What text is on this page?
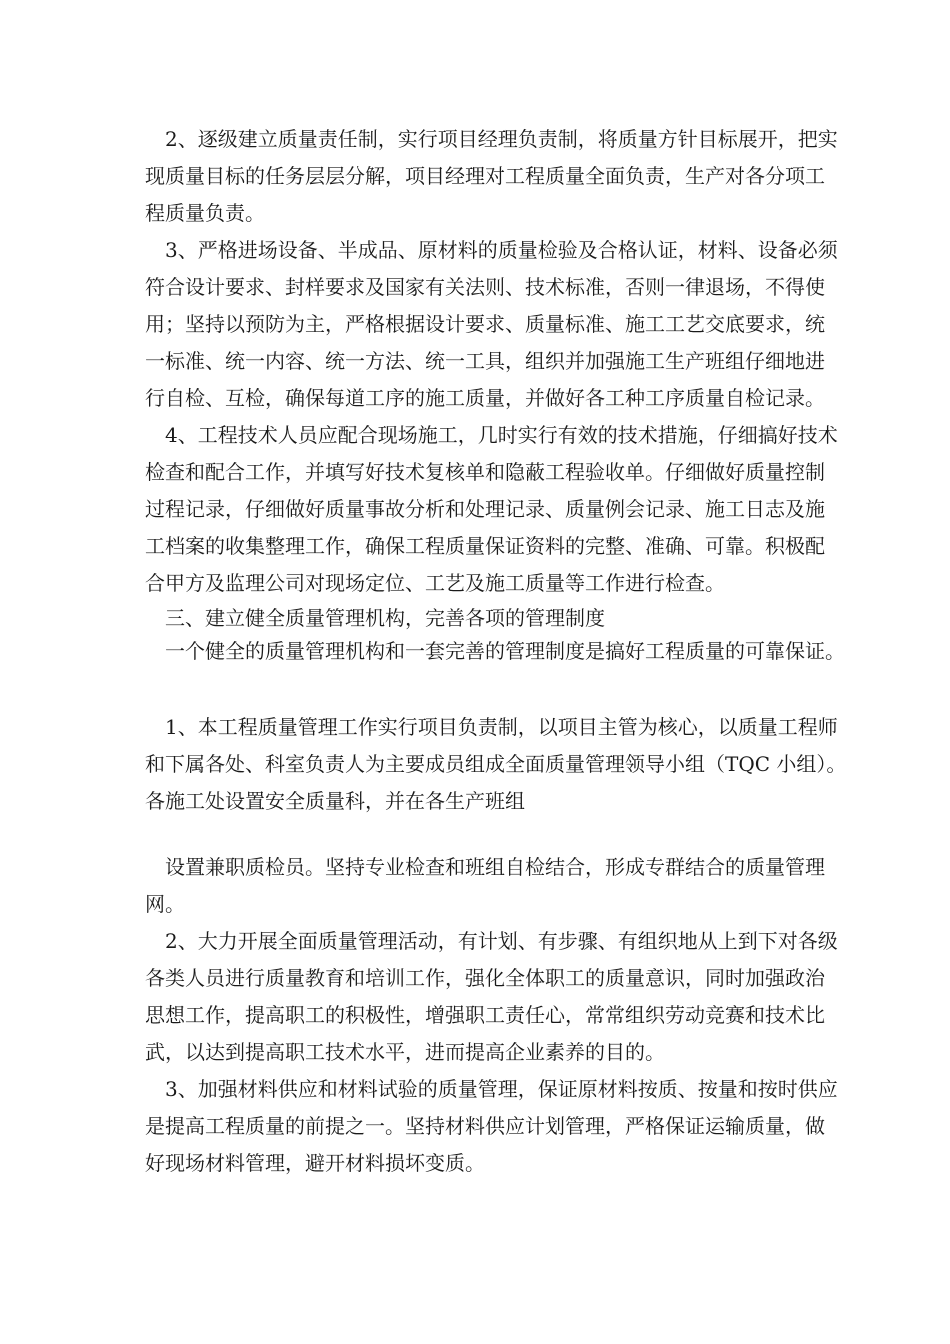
2、逐级建立质量责任制，实行项目经理负责制，将质量方针目标展开，把实
现质量目标的任务层层分解，项目经理对工程质量全面负责，生产对各分项工
程质量负责。
3、严格进场设备、半成品、原材料的质量检验及合格认证，材料、设备必须
符合设计要求、封样要求及国家有关法则、技术标准，否则一律退场，不得使
用；坚持以预防为主，严格根据设计要求、质量标准、施工工艺交底要求，统
一标准、统一内容、统一方法、统一工具，组织并加强施工生产班组仔细地进
行自检、互检，确保每道工序的施工质量，并做好各工种工序质量自检记录。
4、工程技术人员应配合现场施工，几时实行有效的技术措施，仔细搞好技术
检查和配合工作，并填写好技术复核单和隐蔽工程验收单。仔细做好质量控制
过程记录，仔细做好质量事故分析和处理记录、质量例会记录、施工日志及施
工档案的收集整理工作，确保工程质量保证资料的完整、准确、可靠。积极配
合甲方及监理公司对现场定位、工艺及施工质量等工作进行检查。
三、建立健全质量管理机构，完善各项的管理制度
一个健全的质量管理机构和一套完善的管理制度是搞好工程质量的可靠保证。
1、本工程质量管理工作实行项目负责制，以项目主管为核心，以质量工程师
和下属各处、科室负责人为主要成员组成全面质量管理领导小组（TQC 小组）。
各施工处设置安全质量科，并在各生产班组
设置兼职质检员。坚持专业检查和班组自检结合，形成专群结合的质量管理
网。
2、大力开展全面质量管理活动，有计划、有步骤、有组织地从上到下对各级
各类人员进行质量教育和培训工作，强化全体职工的质量意识，同时加强政治
思想工作，提高职工的积极性，增强职工责任心，常常组织劳动竞赛和技术比
武，以达到提高职工技术水平，进而提高企业素养的目的。
3、加强材料供应和材料试验的质量管理，保证原材料按质、按量和按时供应
是提高工程质量的前提之一。坚持材料供应计划管理，严格保证运输质量，做
好现场材料管理，避开材料损坏变质。
